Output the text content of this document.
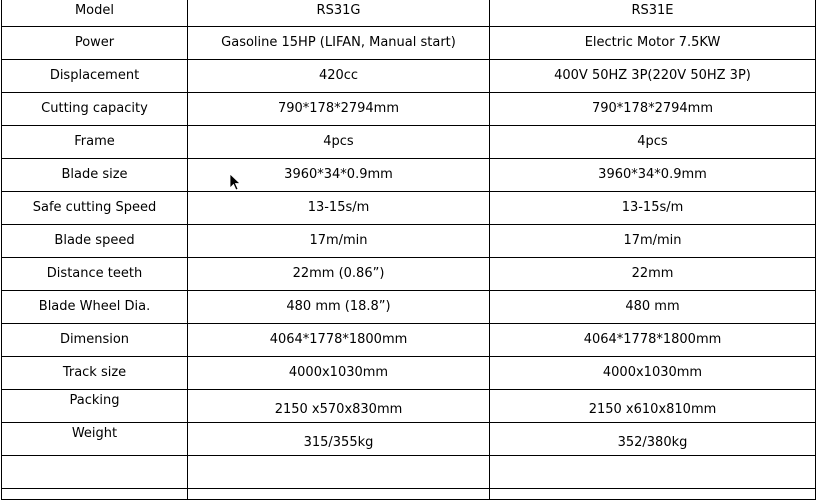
Model	RS31G	RS31E
Power	Gasoline 15HP (LIFAN, Manual start)	Electric Motor 7.5KW
Displacement	420cc	400V 50HZ 3P(220V 50HZ 3P)
Cutting capacity	790*178*2794mm	790*178*2794mm
Frame	4pcs	4pcs
Blade size	3960*34*0.9mm	3960*34*0.9mm
Safe cutting Speed	13-15s/m	13-15s/m
Blade speed	17m/min	17m/min
Distance teeth	22mm (0.86”)	22mm
Blade Wheel Dia.	480 mm (18.8”)	480 mm
Dimension	4064*1778*1800mm	4064*1778*1800mm
Track size	4000x1030mm	4000x1030mm
Packing	2150 x570x830mm	2150 x610x810mm
Weight	315/355kg	352/380kg
